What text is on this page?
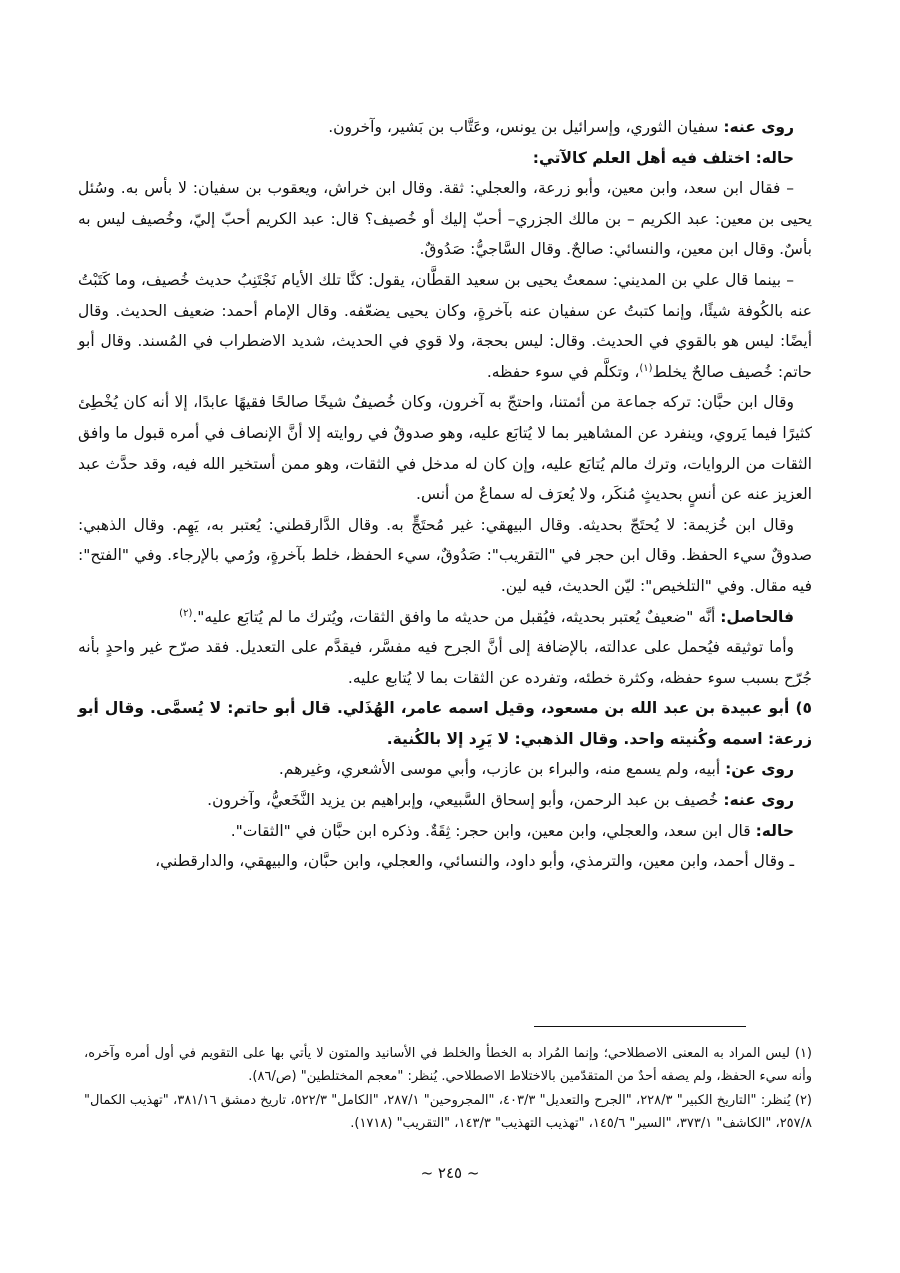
روى عنه: سفيان الثوري، وإسرائيل بن يونس، وعَتَّاب بن بَشير، وآخرون.

حاله: اختلف فيه أهل العلم كالآتي:

– فقال ابن سعد، وابن معين، وأبو زرعة، والعجلي: ثقة. وقال ابن خراش، ويعقوب بن سفيان: لا بأس به. وسُئل يحيى بن معين: عبد الكريم – بن مالك الجزري– أحبّ إليك أو خُصيف؟ قال: عبد الكريم أحبّ إليّ، وخُصيف ليس به بأسٌ. وقال ابن معين، والنسائي: صالحٌ. وقال السَّاجيُّ: صَدُوقٌ.

– بينما قال علي بن المديني: سمعتُ يحيى بن سعيد القطَّان، يقول: كنَّا تلك الأيام نَجْتَنِبُ حديث خُصيف، وما كَتَبْتُ عنه بالكُوفة شيئًا، وإنما كتبتُ عن سفيان عنه بآخرةٍ، وكان يحيى يضعّفه. وقال الإمام أحمد: ضعيف الحديث. وقال أيضًا: ليس هو بالقوي في الحديث. وقال: ليس بحجة، ولا قوي في الحديث، شديد الاضطراب في المُسند. وقال أبو حاتم: خُصيف صالحٌ يخلط$^{(١)}$، وتكلَّم في سوء حفظه.

وقال ابن حبَّان: تركه جماعة من أئمتنا، واحتجّ به آخرون، وكان خُصيفٌ شيخًا صالحًا فقيهًا عابدًا، إلا أنه كان يُخْطِئ كثيرًا فيما يَروي، وينفرد عن المشاهير بما لا يُتابَع عليه، وهو صدوقٌ في روايته إلا أنَّ الإنصاف في أمره قبول ما وافق الثقات من الروايات، وترك مالم يُتابَع عليه، وإن كان له مدخل في الثقات، وهو ممن أستخير الله فيه، وقد حدَّث عبد العزيز عنه عن أنسٍ بحديثٍ مُنكَر، ولا يُعرَف له سماعٌ من أنس.

وقال ابن خُزيمة: لا يُحتَجّ بحديثه. وقال البيهقي: غير مُحتَجٍّ به. وقال الدَّارقطني: يُعتبر به، يَهِم. وقال الذهبي: صدوقٌ سيء الحفظ. وقال ابن حجر في "التقريب": صَدُوقٌ، سيء الحفظ، خلط بآخرةٍ، ورُمي بالإرجاء. وفي "الفتح": فيه مقال. وفي "التلخيص": ليّن الحديث، فيه لين.

فالحاصل: أنَّه "ضعيفٌ يُعتبر بحديثه، فيُقبل من حديثه ما وافق الثقات، ويُترك ما لم يُتابَع عليه".$^{(٢)}$

وأما توثيقه فيُحمل على عدالته، بالإضافة إلى أنَّ الجرح فيه مفسَّر، فيقدَّم على التعديل. فقد صرّح غير واحدٍ بأنه جُرّح بسبب سوء حفظه، وكثرة خطئه، وتفرده عن الثقات بما لا يُتابع عليه.

٥) أبو عبيدة بن عبد الله بن مسعود، وقيل اسمه عامر، الهُذَلي. قال أبو حاتم: لا يُسمَّى. وقال أبو زرعة: اسمه وكُنيته واحد. وقال الذهبي: لا يَرِد إلا بالكُنية.

روى عن: أبيه، ولم يسمع منه، والبراء بن عازب، وأبي موسى الأشعري، وغيرهم.

روى عنه: خُصيف بن عبد الرحمن، وأبو إسحاق السَّبيعي، وإبراهيم بن يزيد النَّخَعيُّ، وآخرون.

حاله: قال ابن سعد، والعجلي، وابن معين، وابن حجر: ثِقَةٌ. وذكره ابن حبَّان في "الثقات".

ـ وقال أحمد، وابن معين، والترمذي، وأبو داود، والنسائي، والعجلي، وابن حبَّان، والبيهقي، والدارقطني،

(١) ليس المراد به المعنى الاصطلاحي؛ وإنما المُراد به الخطأ والخلط في الأسانيد والمتون لا يأتي بها على التقويم في أول أمره وآخره، وأنه سيء الحفظ، ولم يصفه أحدٌ من المتقدّمين بالاختلاط الاصطلاحي. يُنظر: "معجم المختلطين" (ص/٨٦).

(٢) يُنظر: "التاريخ الكبير" ٢٢٨/٣، "الجرح والتعديل" ٤٠٣/٣، "المجروحين" ٢٨٧/١، "الكامل" ٥٢٢/٣، تاريخ دمشق ٣٨١/١٦، "تهذيب الكمال" ٢٥٧/٨، "الكاشف" ٣٧٣/١، "السير" ١٤٥/٦، "تهذيب التهذيب" ١٤٣/٣، "التقريب" (١٧١٨).

~ ٢٤٥ ~
